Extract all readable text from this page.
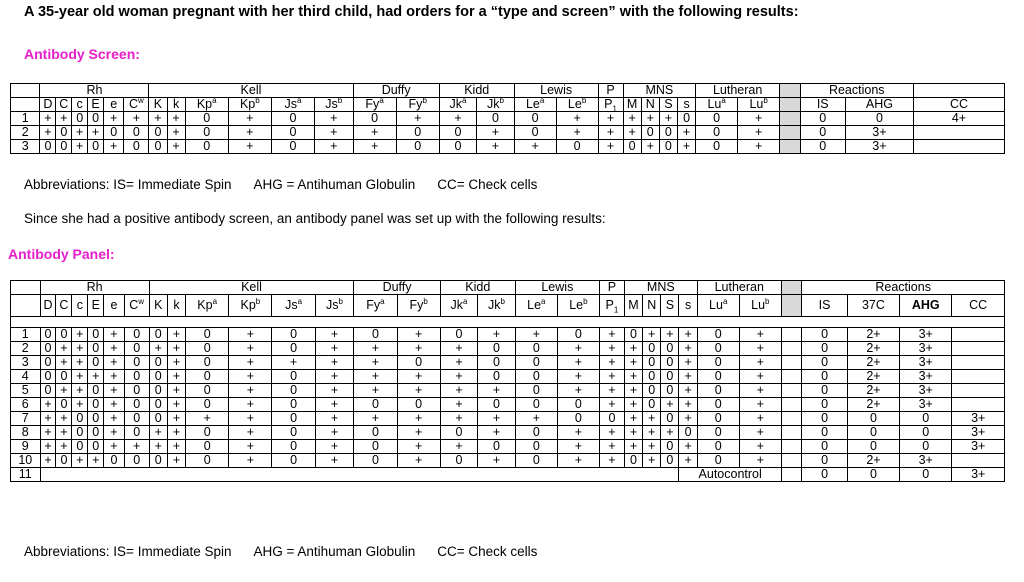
A 35-year old woman pregnant with her third child, had orders for a “type and screen” with the following results:
Antibody Screen:
	Rh						Kell						Duffy		Kidd		Lewis		P	MNS				Lutheran			Reactions		
	D	C	c	E	e	$C^w$	K	k	Kp$^a$	Kp$^b$	Js$^a$	Js$^b$	Fy$^a$	Fy$^b$	Jk$^a$	Jk$^b$	Le$^a$	Le$^b$	$P_1$	M	N	S	s	Lu$^a$	Lu$^b$		IS	AHG	CC
1	+	+	0	0	+	+	+	+	0	+	0	+	0	+	+	0	0	+	+	+	+	+	0	0	+		0	0	4+
2	+	0	+	+	0	0	0	+	0	+	0	+	+	0	0	+	0	+	+	+	0	0	+	0	+		0	3+	
3	0	0	+	0	+	0	0	+	0	+	0	+	+	0	0	+	+	0	+	0	+	0	+	0	+		0	3+	
Abbreviations: IS= Immediate Spin AHG = Antihuman Globulin CC= Check cells
Since she had a positive antibody screen, an antibody panel was set up with the following results:
Antibody Panel:
	Rh						Kell						Duffy		Kidd		Lewis		P	MNS				Lutheran			Reactions			
	D	C	c	E	e	$C^w$	K	k	Kp$^a$	Kp$^b$	Js$^a$	Js$^b$	Fy$^a$	Fy$^b$	Jk$^a$	Jk$^b$	Le$^a$	Le$^b$	$P_1$	M	N	S	s	Lu$^a$	Lu$^b$		IS	37C	AHG	CC

1	0	0	+	0	+	0	0	+	0	+	0	+	0	+	0	+	+	0	+	0	+	+	+	0	+		0	2+	3+	
2	0	+	+	0	+	0	+	+	0	+	0	+	+	+	+	0	0	+	+	+	0	0	+	0	+		0	2+	3+	
3	0	+	+	0	+	0	0	+	0	+	+	+	+	0	+	0	0	+	+	+	0	0	+	0	+		0	2+	3+	
4	0	0	+	+	+	0	0	+	0	+	0	+	+	+	+	0	0	+	+	+	0	0	+	0	+		0	2+	3+	
5	0	+	+	0	+	0	0	+	0	+	0	+	+	+	+	+	0	+	+	+	0	0	+	0	+		0	2+	3+	
6	+	0	+	0	+	0	0	+	0	+	0	+	0	0	+	0	0	0	+	+	0	+	+	0	+		0	2+	3+	
7	+	+	0	0	+	0	0	+	+	+	0	+	+	+	+	+	+	0	0	+	+	0	+	0	+		0	0	0	3+
8	+	+	0	0	+	0	+	+	0	+	0	+	0	+	0	+	0	+	+	+	+	+	0	0	+		0	0	0	3+
9	+	+	0	0	+	+	+	+	0	+	0	+	0	+	+	0	0	+	+	+	+	0	+	0	+		0	0	0	3+
10	+	0	+	+	0	0	0	+	0	+	0	+	0	+	0	+	0	+	+	0	+	0	+	0	+		0	2+	3+	
11																							Autocontrol				0	0	0	3+
Abbreviations: IS= Immediate Spin AHG = Antihuman Globulin CC= Check cells
